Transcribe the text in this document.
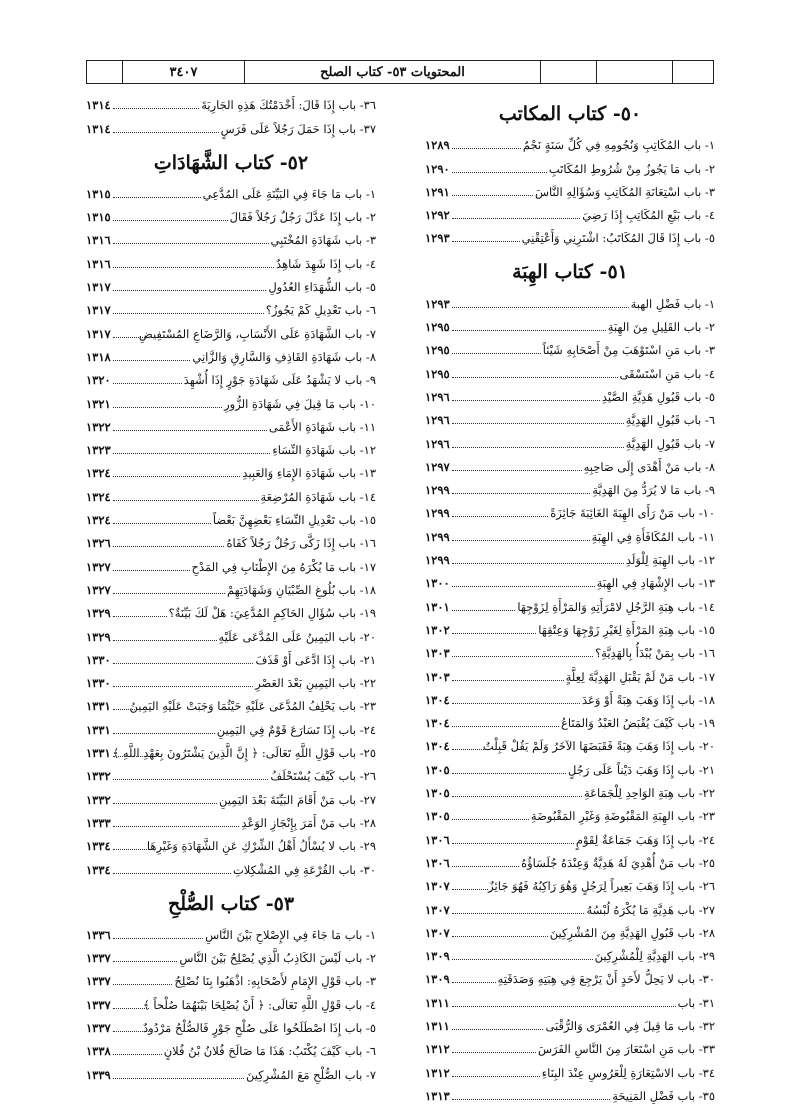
٣٤٠٧	المحتويات ٥٣- كتاب الصلح
٥٠- كتاب المكاتب
١- باب المُكَاتِبِ وَنُجُومِهِ فِي كُلِّ سَنَةٍ نَجْمٌ
١٢٨٩
٢- باب مَا يَجُوزُ مِنْ شُرُوطِ المُكَاتَبِ
١٢٩٠
٣- باب اسْتِعَانَةِ المُكَاتِبِ وَسُؤَالِهِ النَّاسَ
١٢٩١
٤- باب بَيْعِ المُكَاتِبِ إِذَا رَضِيَ
١٢٩٢
٥- باب إِذَا قَالَ المُكَاتَبُ: اشْتَرِنِي وَأَعْتِقْنِي
١٢٩٣
٥١- كتاب الهِبَة
١- باب فَضْلِ الهبة
١٢٩٣
٢- باب القَلِيلِ مِنَ الهِبَةِ
١٢٩٥
٣- باب مَنِ اسْتَوْهَبَ مِنْ أَصْحَابِهِ شَيْئاً
١٢٩٥
٤- باب مَنِ اسْتَسْقَى
١٢٩٥
٥- باب قَبُولِ هَدِيَّةِ الصَّيْدِ
١٢٩٦
٦- باب قَبُولِ الهَدِيَّةِ
١٢٩٦
٧- باب قَبُولِ الهَدِيَّةِ
١٢٩٦
٨- باب مَنْ أَهْدَى إِلَى صَاحِبِهِ
١٢٩٧
٩- باب مَا لا يُرَدُّ مِنَ الهَدِيَّةِ
١٢٩٩
١٠- باب مَنْ رَأَى الهِبَةَ الغَائِبَةَ جَائِزَةً
١٢٩٩
١١- باب المُكَافَأَةِ فِي الهِبَةِ
١٢٩٩
١٢- باب الهِبَةِ لِلْوَلَدِ
١٢٩٩
١٣- باب الإِشْهَادِ فِي الهِبَةِ
١٣٠٠
١٤- باب هِبَةِ الرَّجُلِ لامْرَأَتِهِ وَالمَرْأَةِ لِزَوْجِهَا
١٣٠١
١٥- باب هِبَةِ المَرْأَةِ لِغَيْرِ زَوْجِهَا وَعِتْقِهَا
١٣٠٢
١٦- باب بِمَنْ يُبْدَأُ بِالهَدِيَّةِ؟
١٣٠٣
١٧- باب مَنْ لَمْ يَقْبَلِ الهَدِيَّةَ لِعِلَّةٍ
١٣٠٣
١٨- باب إِذَا وَهَبَ هِبَةً أَوْ وَعَدَ
١٣٠٤
١٩- باب كَيْفَ يُقْبَضُ العَبْدُ وَالمَتَاعُ
١٣٠٤
٢٠- باب إِذَا وَهَبَ هِبَةً فَقَبَضَهَا الآخَرُ وَلَمْ يَقُلْ قَبِلْتُ
١٣٠٤
٢١- باب إِذَا وَهَبَ دَيْناً عَلَى رَجُلٍ
١٣٠٥
٢٢- باب هِبَةِ الوَاحِدِ لِلْجَمَاعَةِ
١٣٠٥
٢٣- باب الهِبَةِ المَقْبُوضَةِ وَغَيْرِ المَقْبُوضَةِ
١٣٠٥
٢٤- باب إِذَا وَهَبَ جَمَاعَةٌ لِقَوْمٍ
١٣٠٦
٢٥- باب مَنْ أُهْدِيَ لَهُ هَدِيَّةٌ وَعِنْدَهُ جُلَسَاؤُهُ
١٣٠٦
٢٦- باب إِذَا وَهَبَ بَعِيراً لِرَجُلٍ وَهُوَ رَاكِبُهُ فَهُوَ جَائِزٌ
١٣٠٧
٢٧- باب هَدِيَّةِ مَا يُكْرَهُ لُبْسُهُ
١٣٠٧
٢٨- باب قَبُولِ الهَدِيَّةِ مِنَ المُشْرِكِينَ
١٣٠٧
٢٩- باب الهَدِيَّةِ لِلْمُشْرِكِينَ
١٣٠٩
٣٠- باب لا يَحِلُّ لأَحَدٍ أَنْ يَرْجِعَ فِي هِبَتِهِ وَصَدَقَتِهِ
١٣٠٩
٣١- باب
١٣١١
٣٢- باب مَا قِيلَ فِي العُمْرَى وَالرُّقْبَى
١٣١١
٣٣- باب مَنِ اسْتَعَارَ مِنَ النَّاسِ الفَرَسَ
١٣١٢
٣٤- باب الاسْتِعَارَةِ لِلْعَرُوسِ عِنْدَ البِنَاءِ
١٣١٢
٣٥- باب فَضْلِ المَنِيحَةِ
١٣١٣
٣٦- باب إِذَا قَالَ: أَخْدَمْتُكَ هَذِهِ الجَارِيَةَ
١٣١٤
٣٧- باب إِذَا حَمَلَ رَجُلاً عَلَى فَرَسٍ
١٣١٤
٥٢- كتاب الشَّهَادَاتِ
١- باب مَا جَاءَ فِي البَيِّنَةِ عَلَى المُدَّعِي
١٣١٥
٢- باب إِذَا عَدَّلَ رَجُلٌ رَجُلاً فَقَالَ
١٣١٥
٣- باب شَهَادَةِ المُخْتَبِي
١٣١٦
٤- باب إِذَا شَهِدَ شَاهِدٌ
١٣١٦
٥- باب الشُّهَدَاءِ العُدُولِ
١٣١٧
٦- باب تَعْدِيلِ كَمْ يَجُوزُ؟
١٣١٧
٧- باب الشَّهَادَةِ عَلَى الأَنْسَابِ، وَالرَّضَاعِ المُسْتَفِيضِ
١٣١٧
٨- باب شَهَادَةِ القَاذِفِ وَالسَّارِقِ وَالزَّانِي
١٣١٨
٩- باب لا يَشْهَدُ عَلَى شَهَادَةِ جَوْرٍ إِذَا أُشْهِدَ
١٣٢٠
١٠- باب مَا قِيلَ فِي شَهَادَةِ الزُّورِ
١٣٢١
١١- باب شَهَادَةِ الأَعْمَى
١٣٢٢
١٢- باب شَهَادَةِ النِّسَاءِ
١٣٢٣
١٣- باب شَهَادَةِ الإِمَاءِ وَالعَبِيدِ
١٣٢٤
١٤- باب شَهَادَةِ المُرْضِعَةِ
١٣٢٤
١٥- باب تَعْدِيلِ النِّسَاءِ بَعْضِهِنَّ بَعْضاً
١٣٢٤
١٦- باب إِذَا زَكَّى رَجُلٌ رَجُلاً كَفَاهُ
١٣٢٦
١٧- باب مَا يُكْرَهُ مِنَ الإِطْنَابِ فِي المَدْحِ
١٣٢٧
١٨- باب بُلُوغِ الصِّبْيَانِ وَشَهَادَتِهِمْ
١٣٢٧
١٩- باب سُؤَالِ الحَاكِمِ المُدَّعِيَ: هَلْ لَكَ بَيِّنَةٌ؟
١٣٢٩
٢٠- باب اليَمِينُ عَلَى المُدَّعَى عَلَيْهِ
١٣٢٩
٢١- باب إِذَا ادَّعَى أَوْ قَذَفَ
١٣٣٠
٢٢- باب اليَمِينِ بَعْدَ العَصْرِ
١٣٣٠
٢٣- باب يَحْلِفُ المُدَّعَى عَلَيْهِ حَيْثُمَا وَجَبَتْ عَلَيْهِ اليَمِينُ
١٣٣١
٢٤- باب إِذَا تَسَارَعَ قَوْمٌ فِي اليَمِينِ
١٣٣١
٢٥- باب قَوْلِ اللَّهِ تَعَالَى: ﴿ إِنَّ الَّذِينَ يَشْتَرُونَ بِعَهْدِ اللَّهِ ﴾
١٣٣١
٢٦- باب كَيْفَ يُسْتَحْلَفُ
١٣٣٢
٢٧- باب مَنْ أَقَامَ البَيِّنَةَ بَعْدَ اليَمِينِ
١٣٣٢
٢٨- باب مَنْ أَمَرَ بِإِنْجَازِ الوَعْدِ
١٣٣٣
٢٩- باب لا يُسْأَلُ أَهْلُ الشِّرْكِ عَنِ الشَّهَادَةِ وَغَيْرِهَا
١٣٣٤
٣٠- باب القُرْعَةِ فِي المُشْكِلاتِ
١٣٣٤
٥٣- كتاب الصُّلْحِ
١- باب مَا جَاءَ فِي الإِصْلاحِ بَيْنَ النَّاسِ
١٣٣٦
٢- باب لَيْسَ الكَاذِبُ الَّذِي يُصْلِحُ بَيْنَ النَّاسِ
١٣٣٧
٣- باب قَوْلِ الإِمَامِ لأَصْحَابِهِ: اذْهَبُوا بِنَا نُصْلِحُ
١٣٣٧
٤- باب قَوْلِ اللَّهِ تَعَالَى: ﴿ أَنْ يُصْلِحَا بَيْنَهُمَا صُلْحاً ﴾
١٣٣٧
٥- باب إِذَا اصْطَلَحُوا عَلَى صُلْحِ جَوْرٍ فَالصُّلْحُ مَرْدُودٌ
١٣٣٧
٦- باب كَيْفَ يُكْتَبُ: هَذَا مَا صَالَحَ فُلانُ بْنُ فُلانٍ
١٣٣٨
٧- باب الصُّلْحِ مَعَ المُشْرِكِينَ
١٣٣٩
